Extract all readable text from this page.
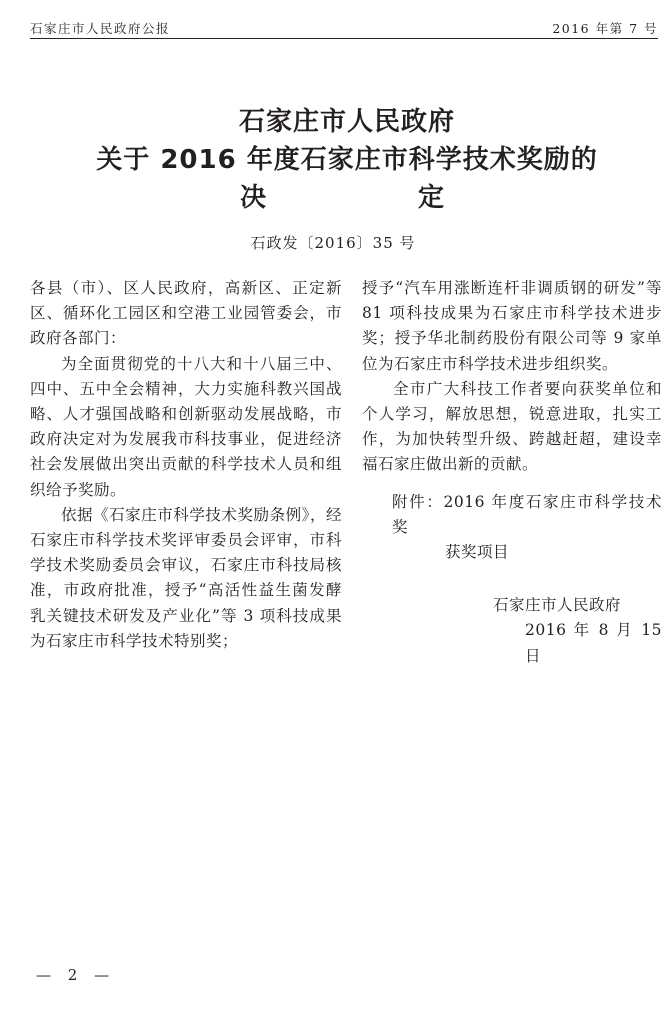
石家庄市人民政府公报	2016 年第 7 号
石家庄市人民政府
关于 2016 年度石家庄市科学技术奖励的
决	定
石政发〔2016〕35 号

各县（市）、区人民政府，高新区、正定新区、循环化工园区和空港工业园管委会，市政府各部门：

为全面贯彻党的十八大和十八届三中、四中、五中全会精神，大力实施科教兴国战略、人才强国战略和创新驱动发展战略，市政府决定对为发展我市科技事业，促进经济社会发展做出突出贡献的科学技术人员和组织给予奖励。

依据《石家庄市科学技术奖励条例》，经石家庄市科学技术奖评审委员会评审，市科学技术奖励委员会审议，石家庄市科技局核准，市政府批准，授予“高活性益生菌发酵乳关键技术研发及产业化”等 3 项科技成果为石家庄市科学技术特别奖；

授予“汽车用涨断连杆非调质钢的研发”等 81 项科技成果为石家庄市科学技术进步奖；授予华北制药股份有限公司等 9 家单位为石家庄市科学技术进步组织奖。

全市广大科技工作者要向获奖单位和个人学习，解放思想，锐意进取，扎实工作，为加快转型升级、跨越赶超，建设幸福石家庄做出新的贡献。

附件：2016 年度石家庄市科学技术奖
获奖项目

石家庄市人民政府

2016 年 8 月 15 日

— 2 —
